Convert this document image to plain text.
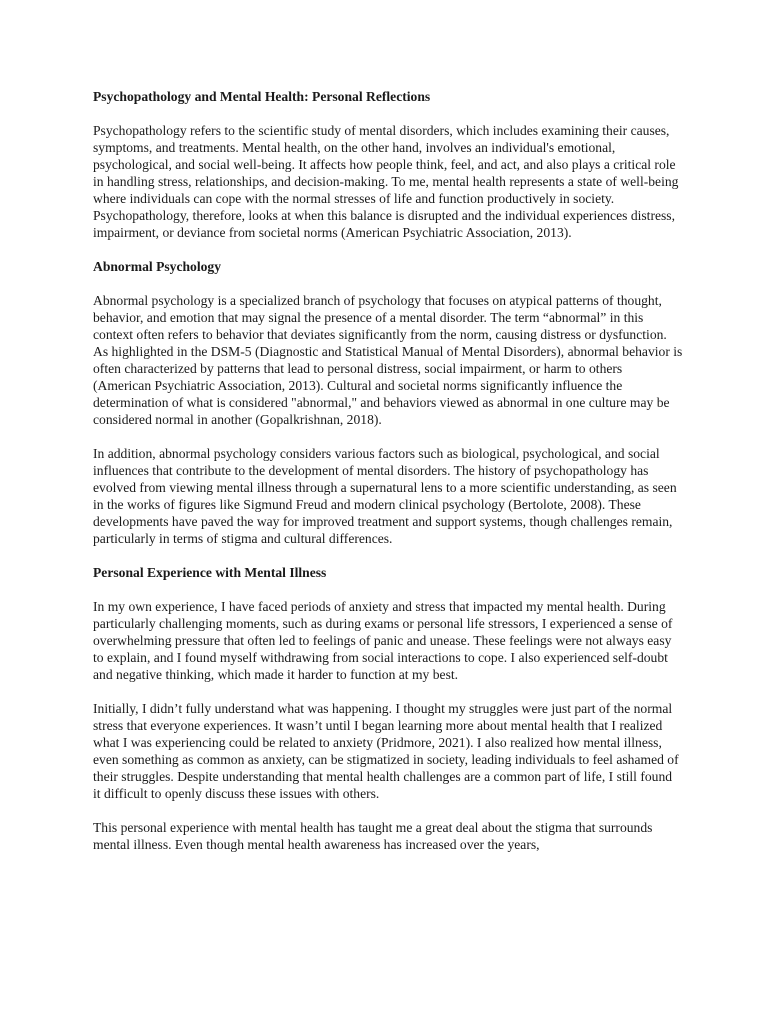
Psychopathology and Mental Health: Personal Reflections

Psychopathology refers to the scientific study of mental disorders, which includes examining their causes, symptoms, and treatments. Mental health, on the other hand, involves an individual's emotional, psychological, and social well-being. It affects how people think, feel, and act, and also plays a critical role in handling stress, relationships, and decision-making. To me, mental health represents a state of well-being where individuals can cope with the normal stresses of life and function productively in society. Psychopathology, therefore, looks at when this balance is disrupted and the individual experiences distress, impairment, or deviance from societal norms (American Psychiatric Association, 2013).

Abnormal Psychology

Abnormal psychology is a specialized branch of psychology that focuses on atypical patterns of thought, behavior, and emotion that may signal the presence of a mental disorder. The term “abnormal” in this context often refers to behavior that deviates significantly from the norm, causing distress or dysfunction. As highlighted in the DSM-5 (Diagnostic and Statistical Manual of Mental Disorders), abnormal behavior is often characterized by patterns that lead to personal distress, social impairment, or harm to others (American Psychiatric Association, 2013). Cultural and societal norms significantly influence the determination of what is considered "abnormal," and behaviors viewed as abnormal in one culture may be considered normal in another (Gopalkrishnan, 2018).

In addition, abnormal psychology considers various factors such as biological, psychological, and social influences that contribute to the development of mental disorders. The history of psychopathology has evolved from viewing mental illness through a supernatural lens to a more scientific understanding, as seen in the works of figures like Sigmund Freud and modern clinical psychology (Bertolote, 2008). These developments have paved the way for improved treatment and support systems, though challenges remain, particularly in terms of stigma and cultural differences.

Personal Experience with Mental Illness

In my own experience, I have faced periods of anxiety and stress that impacted my mental health. During particularly challenging moments, such as during exams or personal life stressors, I experienced a sense of overwhelming pressure that often led to feelings of panic and unease. These feelings were not always easy to explain, and I found myself withdrawing from social interactions to cope. I also experienced self-doubt and negative thinking, which made it harder to function at my best.

Initially, I didn’t fully understand what was happening. I thought my struggles were just part of the normal stress that everyone experiences. It wasn’t until I began learning more about mental health that I realized what I was experiencing could be related to anxiety (Pridmore, 2021). I also realized how mental illness, even something as common as anxiety, can be stigmatized in society, leading individuals to feel ashamed of their struggles. Despite understanding that mental health challenges are a common part of life, I still found it difficult to openly discuss these issues with others.

This personal experience with mental health has taught me a great deal about the stigma that surrounds mental illness. Even though mental health awareness has increased over the years,
